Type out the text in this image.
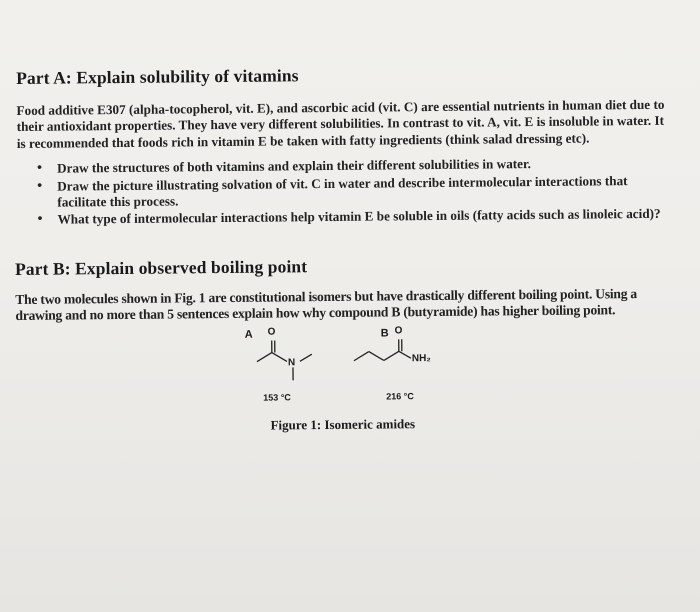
Part A: Explain solubility of vitamins
Food additive E307 (alpha-tocopherol, vit. E), and ascorbic acid (vit. C) are essential nutrients in human diet due to their antioxidant properties. They have very different solubilities. In contrast to vit. A, vit. E is insoluble in water. It is recommended that foods rich in vitamin E be taken with fatty ingredients (think salad dressing etc).
• Draw the structures of both vitamins and explain their different solubilities in water.
• Draw the picture illustrating solvation of vit. C in water and describe intermolecular interactions that facilitate this process.
• What type of intermolecular interactions help vitamin E be soluble in oils (fatty acids such as linoleic acid)?
Part B: Explain observed boiling point
The two molecules shown in Fig. 1 are constitutional isomers but have drastically different boiling point. Using a drawing and no more than 5 sentences explain how why compound B (butyramide) has higher boiling point.
A O
N
153 °C
B O
NH₂
216 °C
Figure 1: Isomeric amides
